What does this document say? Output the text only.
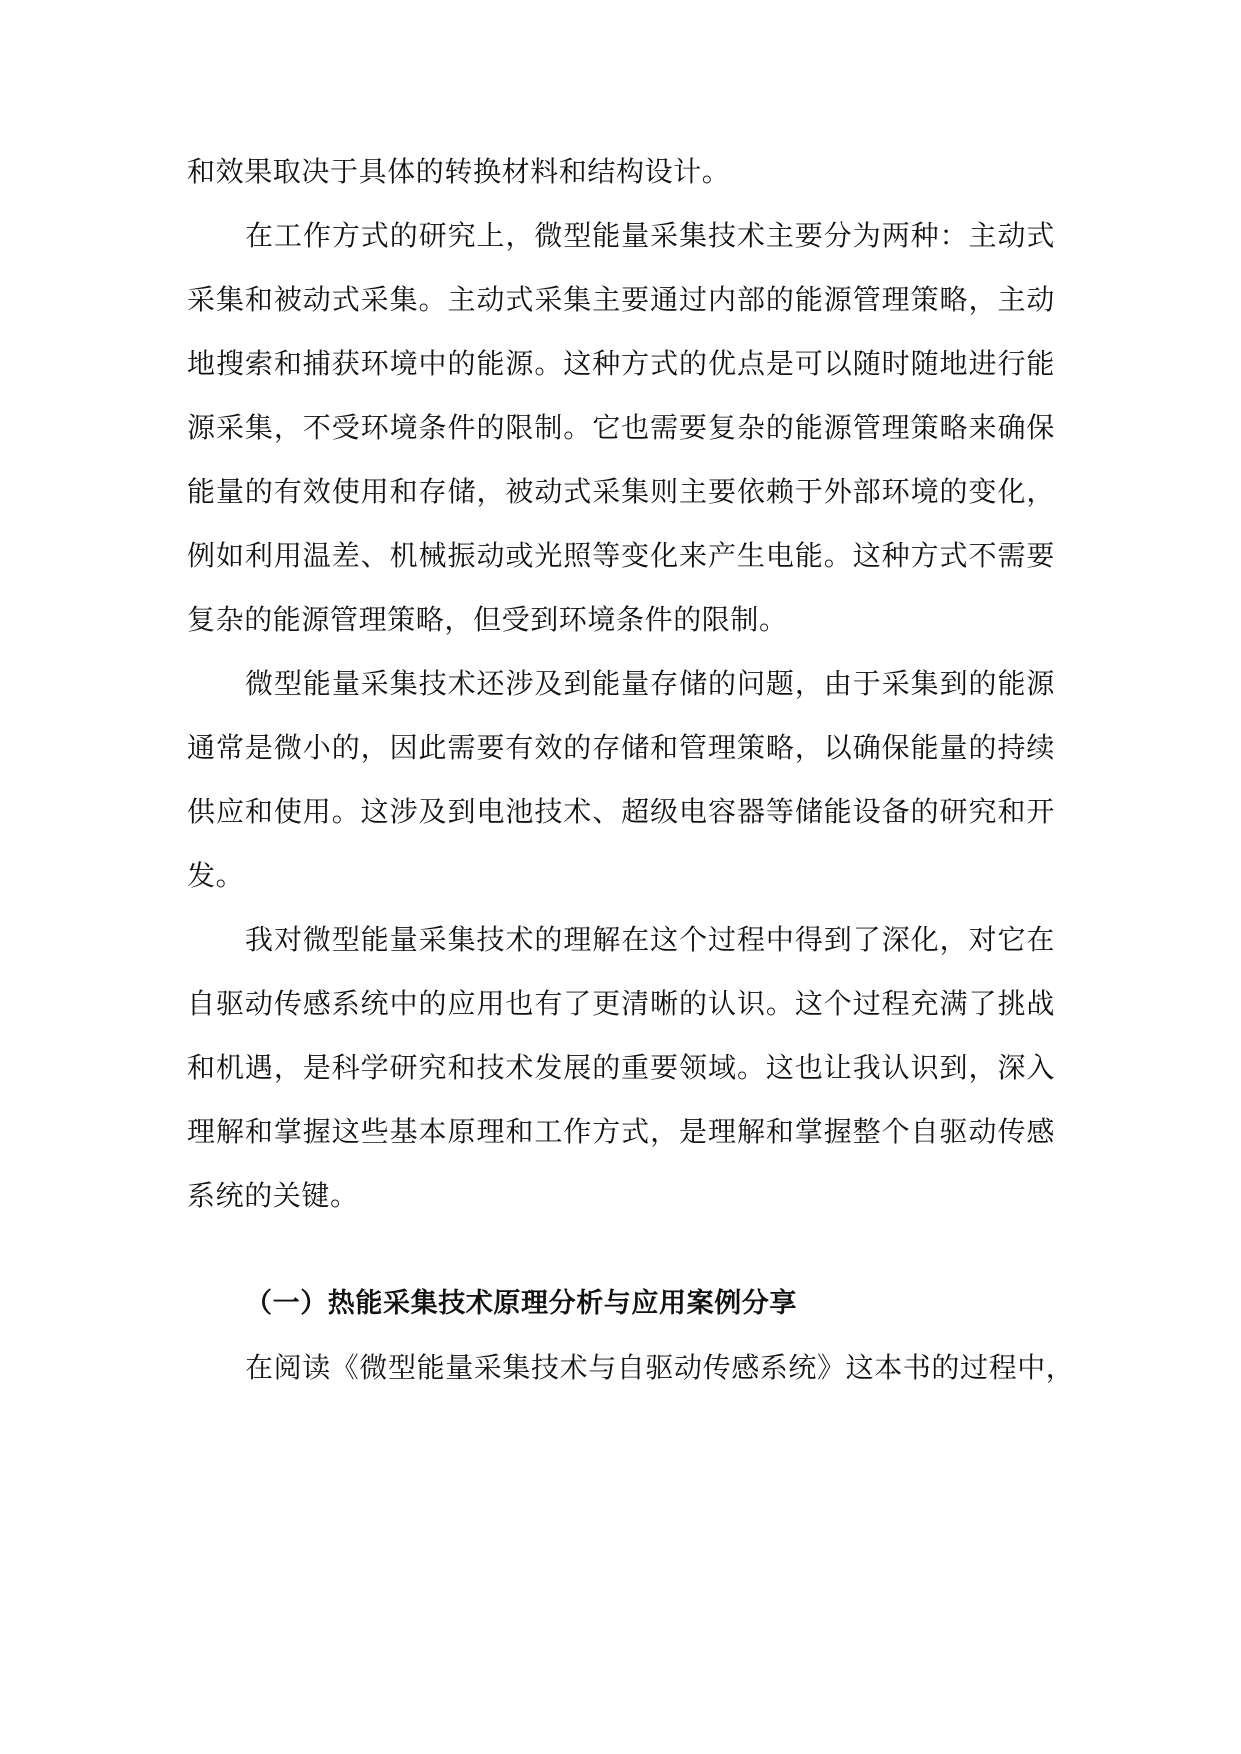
和效果取决于具体的转换材料和结构设计。
在工作方式的研究上，微型能量采集技术主要分为两种：主动式
采集和被动式采集。主动式采集主要通过内部的能源管理策略，主动
地搜索和捕获环境中的能源。这种方式的优点是可以随时随地进行能
源采集，不受环境条件的限制。它也需要复杂的能源管理策略来确保
能量的有效使用和存储，被动式采集则主要依赖于外部环境的变化，
例如利用温差、机械振动或光照等变化来产生电能。这种方式不需要
复杂的能源管理策略，但受到环境条件的限制。
微型能量采集技术还涉及到能量存储的问题，由于采集到的能源
通常是微小的，因此需要有效的存储和管理策略，以确保能量的持续
供应和使用。这涉及到电池技术、超级电容器等储能设备的研究和开
发。
我对微型能量采集技术的理解在这个过程中得到了深化，对它在
自驱动传感系统中的应用也有了更清晰的认识。这个过程充满了挑战
和机遇，是科学研究和技术发展的重要领域。这也让我认识到，深入
理解和掌握这些基本原理和工作方式，是理解和掌握整个自驱动传感
系统的关键。
（一）热能采集技术原理分析与应用案例分享
在阅读《微型能量采集技术与自驱动传感系统》这本书的过程中，
